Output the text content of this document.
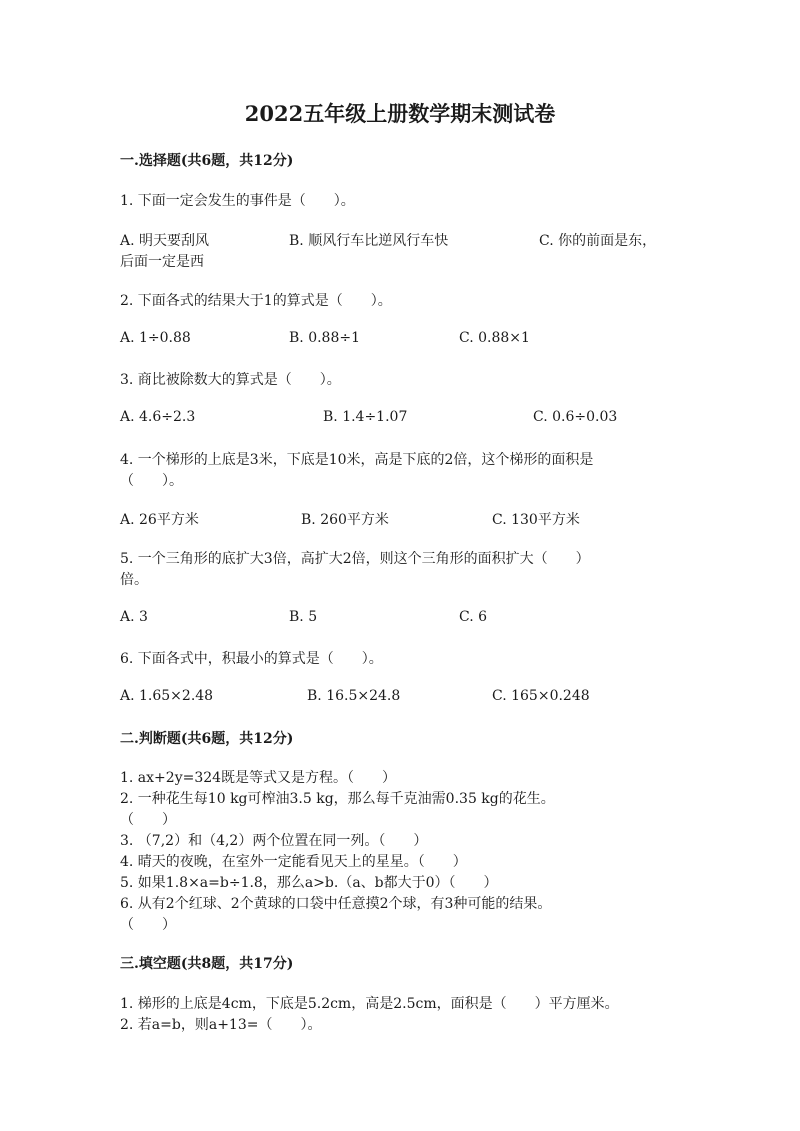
2022五年级上册数学期末测试卷
一.选择题(共6题，共12分)
1. 下面一定会发生的事件是（　　）。
A. 明天要刮风	B. 顺风行车比逆风行车快	C. 你的前面是东，
后面一定是西
2. 下面各式的结果大于1的算式是（　　）。
A. 1÷0.88	B. 0.88÷1	C. 0.88×1
3. 商比被除数大的算式是（　　）。
A. 4.6÷2.3	B. 1.4÷1.07	C. 0.6÷0.03
4. 一个梯形的上底是3米，下底是10米，高是下底的2倍，这个梯形的面积是
（　　）。
A. 26平方米	B. 260平方米	C. 130平方米
5. 一个三角形的底扩大3倍，高扩大2倍，则这个三角形的面积扩大（　　）
倍。
A. 3	B. 5	C. 6
6. 下面各式中，积最小的算式是（　　）。
A. 1.65×2.48	B. 16.5×24.8	C. 165×0.248
二.判断题(共6题，共12分)
1. ax+2y=324既是等式又是方程。（　　）
2. 一种花生每10 kg可榨油3.5 kg，那么每千克油需0.35 kg的花生。
（　　）
3. （7,2）和（4,2）两个位置在同一列。（　　）
4. 晴天的夜晚，在室外一定能看见天上的星星。（　　）
5. 如果1.8×a=b÷1.8，那么a>b.（a、b都大于0）（　　）
6. 从有2个红球、2个黄球的口袋中任意摸2个球，有3种可能的结果。
（　　）
三.填空题(共8题，共17分)
1. 梯形的上底是4cm，下底是5.2cm，高是2.5cm，面积是（　　）平方厘米。
2. 若a=b，则a+13=（　　）。
